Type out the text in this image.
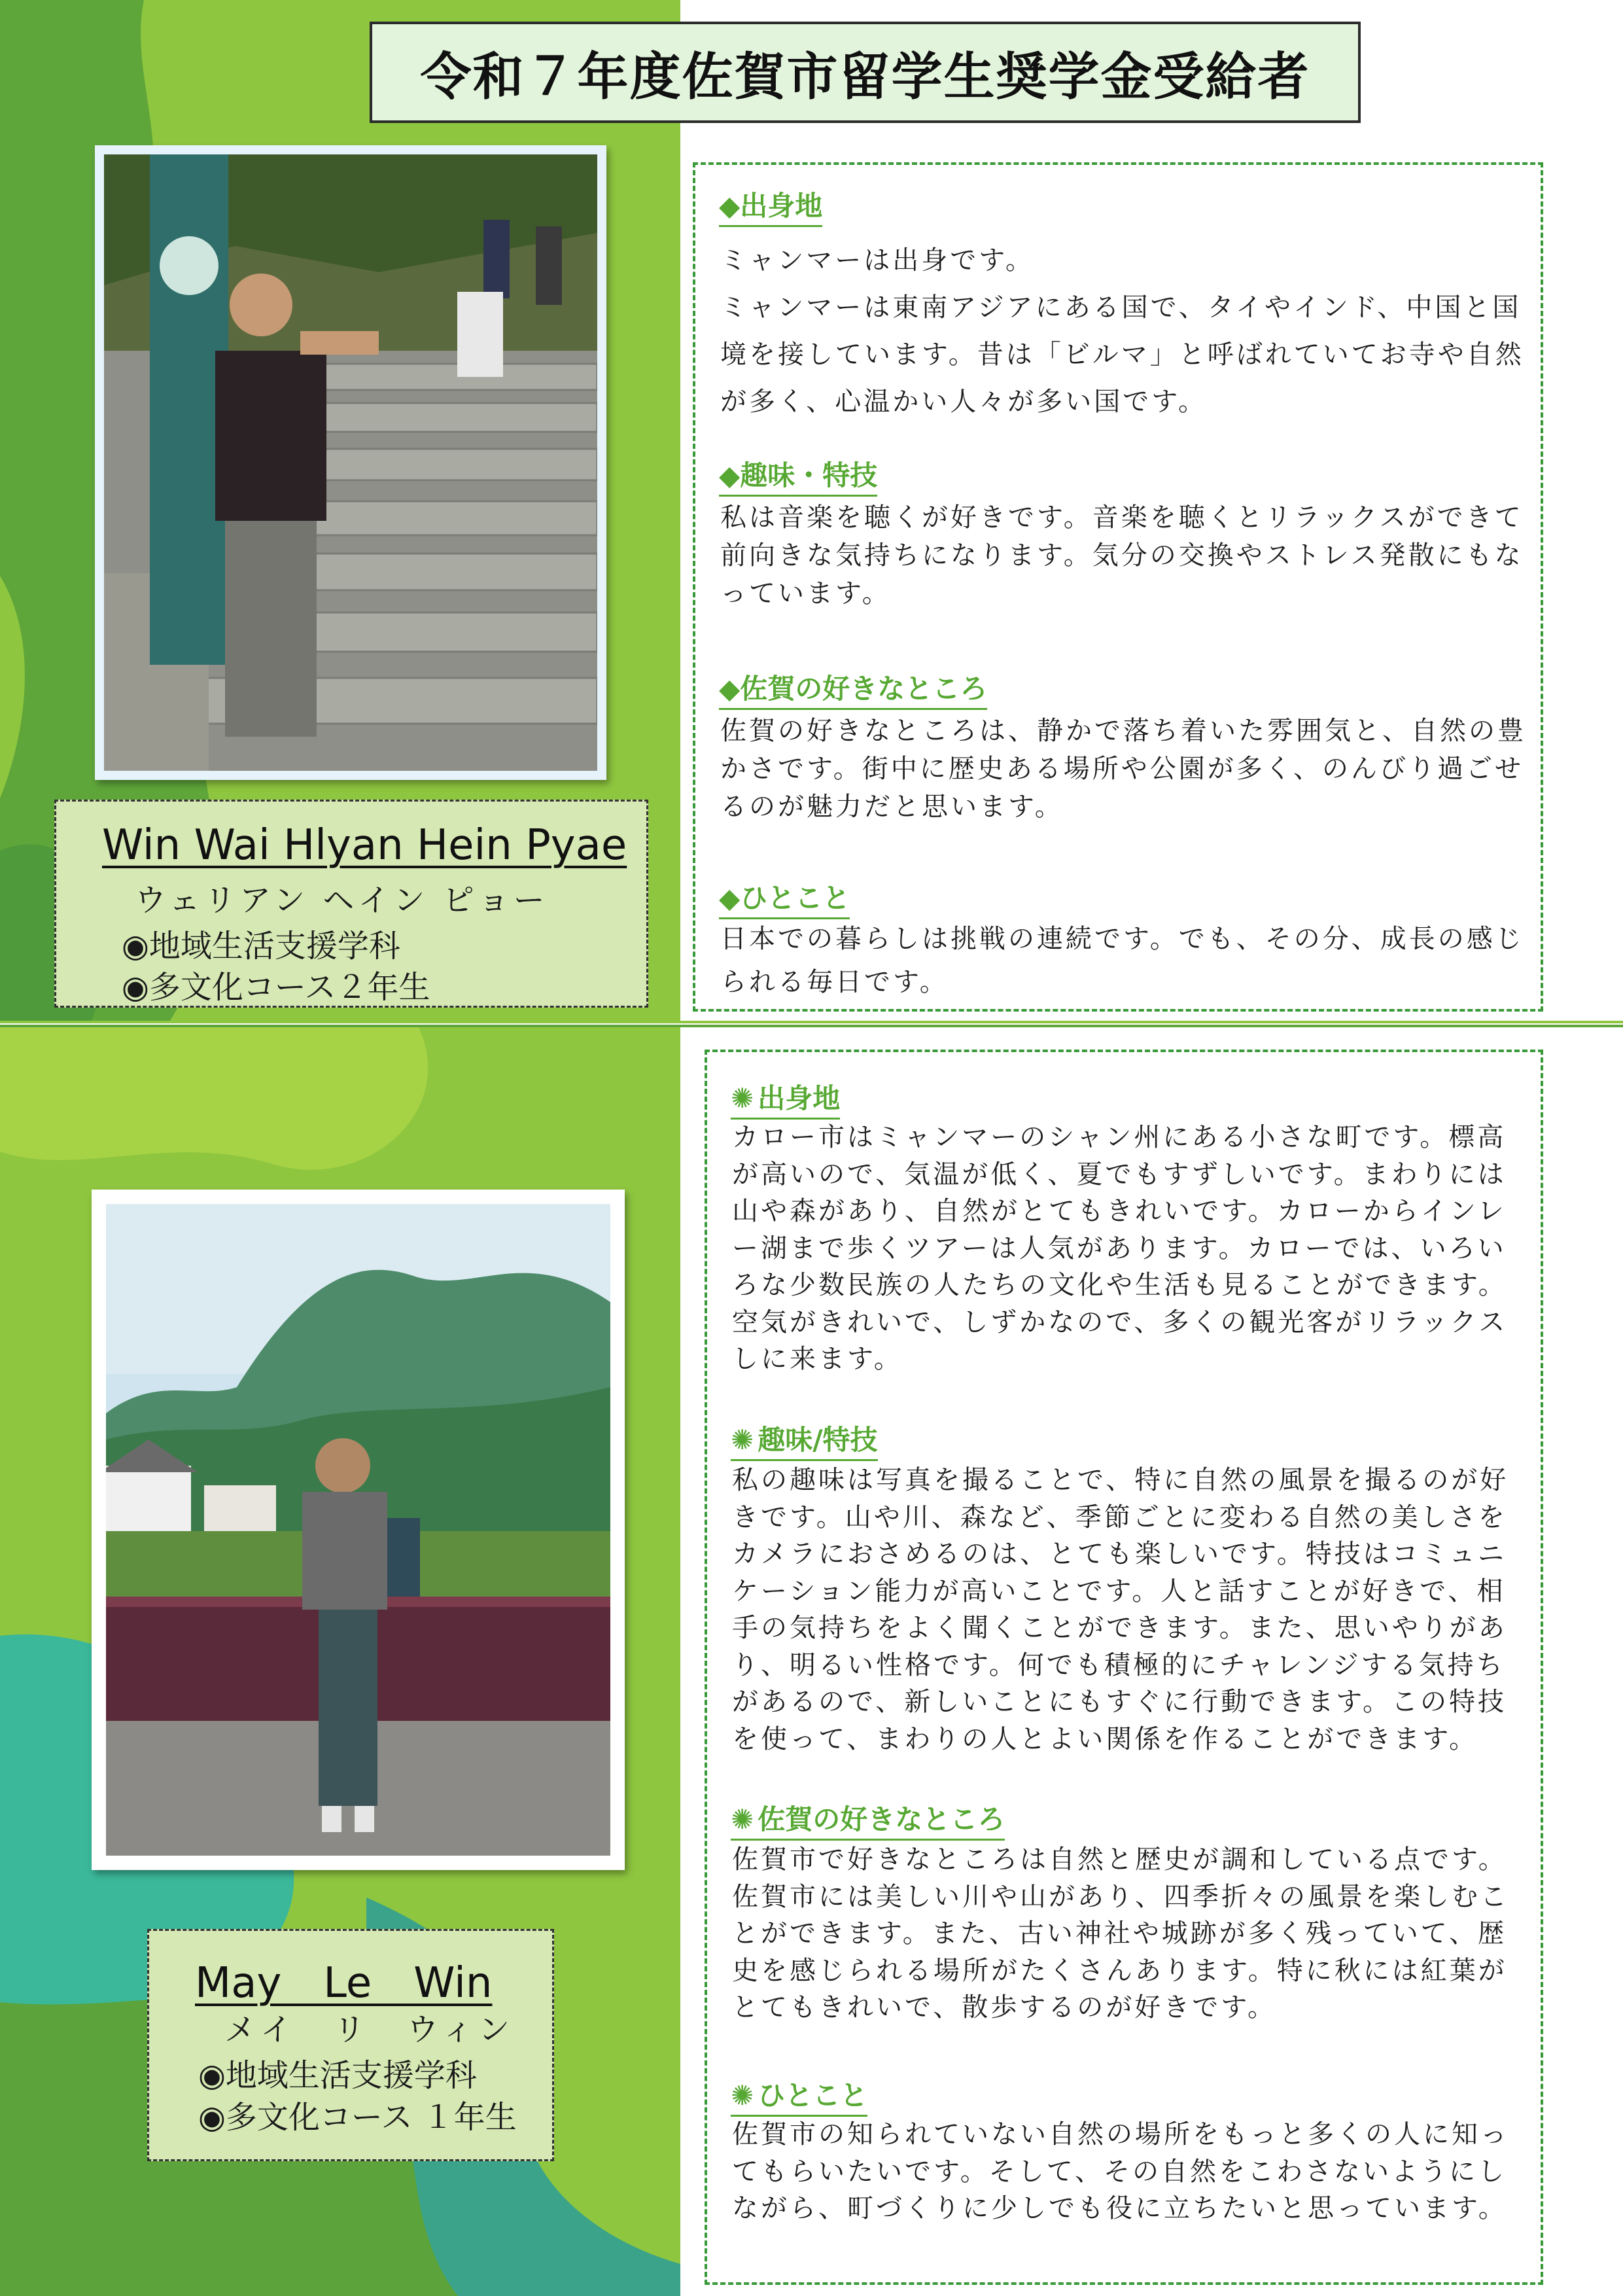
令和７年度佐賀市留学生奨学金受給者
Win Wai Hlyan Hein Pyae
ウェリアン ヘイン ピョー
◉地域生活支援学科
◉多文化コース２年生
◆出身地
ミャンマーは出身です。
ミャンマーは東南アジアにある国で、タイやインド、中国と国
境を接しています。昔は「ビルマ」と呼ばれていてお寺や自然
が多く、心温かい人々が多い国です。
◆趣味・特技
私は音楽を聴くが好きです。音楽を聴くとリラックスができて
前向きな気持ちになります。気分の交換やストレス発散にもな
っています。
◆佐賀の好きなところ
佐賀の好きなところは、静かで落ち着いた雰囲気と、自然の豊
かさです。街中に歴史ある場所や公園が多く、のんびり過ごせ
るのが魅力だと思います。
◆ひとこと
日本での暮らしは挑戦の連続です。でも、その分、成長の感じ
られる毎日です。
May　Le　Win
メイ　リ　ウィン
◉地域生活支援学科
◉多文化コース １年生
✺ 出身地
カロー市はミャンマーのシャン州にある小さな町です。標高
が高いので、気温が低く、夏でもすずしいです。まわりには
山や森があり、自然がとてもきれいです。カローからインレ
ー湖まで歩くツアーは人気があります。カローでは、いろい
ろな少数民族の人たちの文化や生活も見ることができます。
空気がきれいで、しずかなので、多くの観光客がリラックス
しに来ます。
✺ 趣味/特技
私の趣味は写真を撮ることで、特に自然の風景を撮るのが好
きです。山や川、森など、季節ごとに変わる自然の美しさを
カメラにおさめるのは、とても楽しいです。特技はコミュニ
ケーション能力が高いことです。人と話すことが好きで、相
手の気持ちをよく聞くことができます。また、思いやりがあ
り、明るい性格です。何でも積極的にチャレンジする気持ち
があるので、新しいことにもすぐに行動できます。この特技
を使って、まわりの人とよい関係を作ることができます。
✺ 佐賀の好きなところ
佐賀市で好きなところは自然と歴史が調和している点です。
佐賀市には美しい川や山があり、四季折々の風景を楽しむこ
とができます。また、古い神社や城跡が多く残っていて、歴
史を感じられる場所がたくさんあります。特に秋には紅葉が
とてもきれいで、散歩するのが好きです。
✺ ひとこと
佐賀市の知られていない自然の場所をもっと多くの人に知っ
てもらいたいです。そして、その自然をこわさないようにし
ながら、町づくりに少しでも役に立ちたいと思っています。
